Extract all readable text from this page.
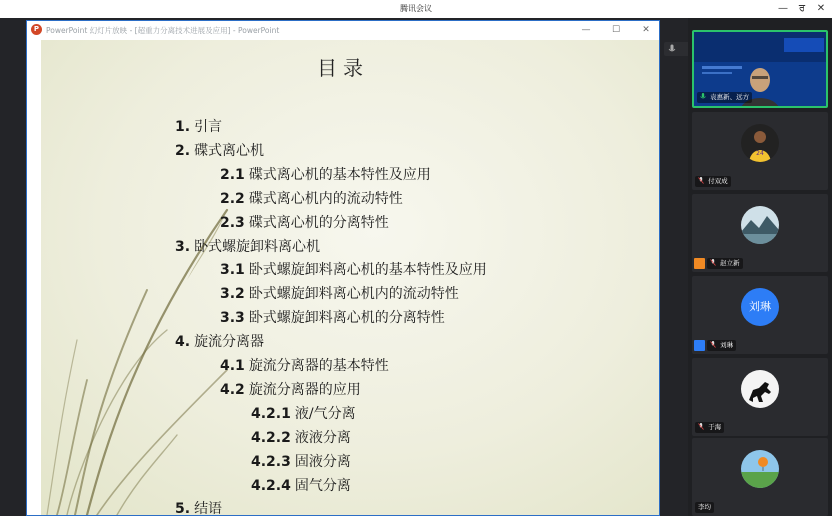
腾讯会议	—	ਰ	✕
P PowerPoint 幻灯片放映 - [超重力分离技术进展及应用] - PowerPoint	—	☐	✕
目录
1. 引言
2. 碟式离心机
2.1 碟式离心机的基本特性及应用
2.2 碟式离心机内的流动特性
2.3 碟式离心机的分离特性
3. 卧式螺旋卸料离心机
3.1 卧式螺旋卸料离心机的基本特性及应用
3.2 卧式螺旋卸料离心机内的流动特性
3.3 卧式螺旋卸料离心机的分离特性
4. 旋流分离器
4.1 旋流分离器的基本特性
4.2 旋流分离器的应用
4.2.1 液/气分离
4.2.2 液液分离
4.2.3 固液分离
4.2.4 固气分离
5. 结语
袁惠新、远方
24
付双成
赵立新
刘琳
刘琳
于海
李均
